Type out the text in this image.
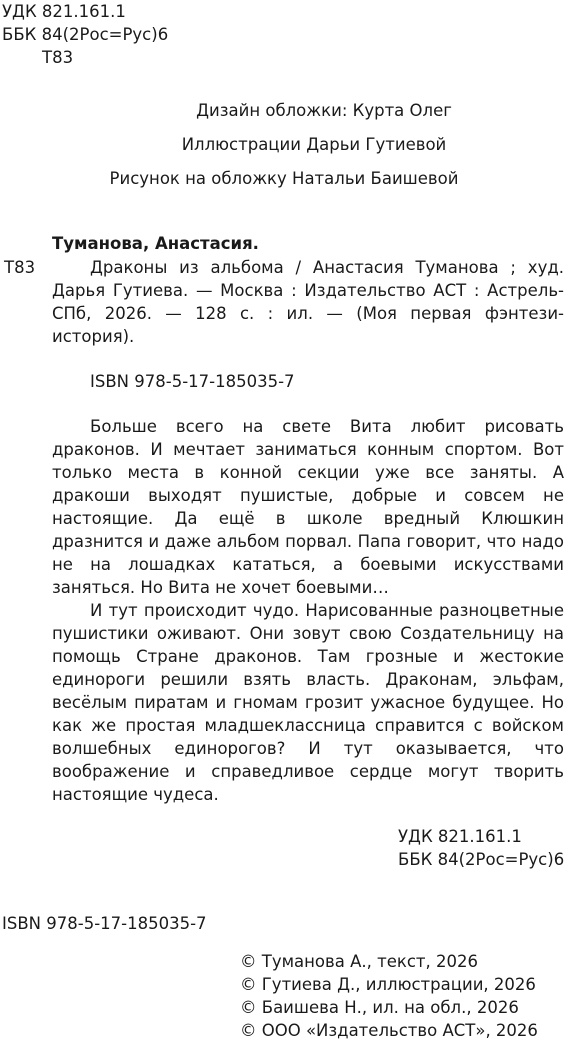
УДК 821.161.1
ББК 84(2Рос=Рус)6
Т83
Дизайн обложки: Курта Олег
Иллюстрации Дарьи Гутиевой
Рисунок на обложку Натальи Баишевой
Туманова, Анастасия.
Т83	Драконы из альбома / Анастасия Туманова ; худ. Дарья Гутиева. — Москва : Издательство АСТ : Астрель-СПб, 2026. — 128 с. : ил. — (Моя первая фэнтези-история).

ISBN 978-5-17-185035-7

Больше всего на свете Вита любит рисовать драконов. И мечтает заниматься конным спортом. Вот только места в конной секции уже все заняты. А дракоши выходят пушистые, добрые и совсем не настоящие. Да ещё в школе вредный Клюшкин дразнится и даже альбом порвал. Папа говорит, что надо не на лошадках кататься, а боевыми искусствами заняться. Но Вита не хочет боевыми…

И тут происходит чудо. Нарисованные разноцветные пушистики оживают. Они зовут свою Создательницу на помощь Стране драконов. Там грозные и жестокие единороги решили взять власть. Драконам, эльфам, весёлым пиратам и гномам грозит ужасное будущее. Но как же простая младшеклассница справится с войском волшебных единорогов? И тут оказывается, что воображение и справедливое сердце могут творить настоящие чудеса.

УДК 821.161.1
ББК 84(2Рос=Рус)6
ISBN 978-5-17-185035-7
© Туманова А., текст, 2026
© Гутиева Д., иллюстрации, 2026
© Баишева Н., ил. на обл., 2026
© ООО «Издательство АСТ», 2026
